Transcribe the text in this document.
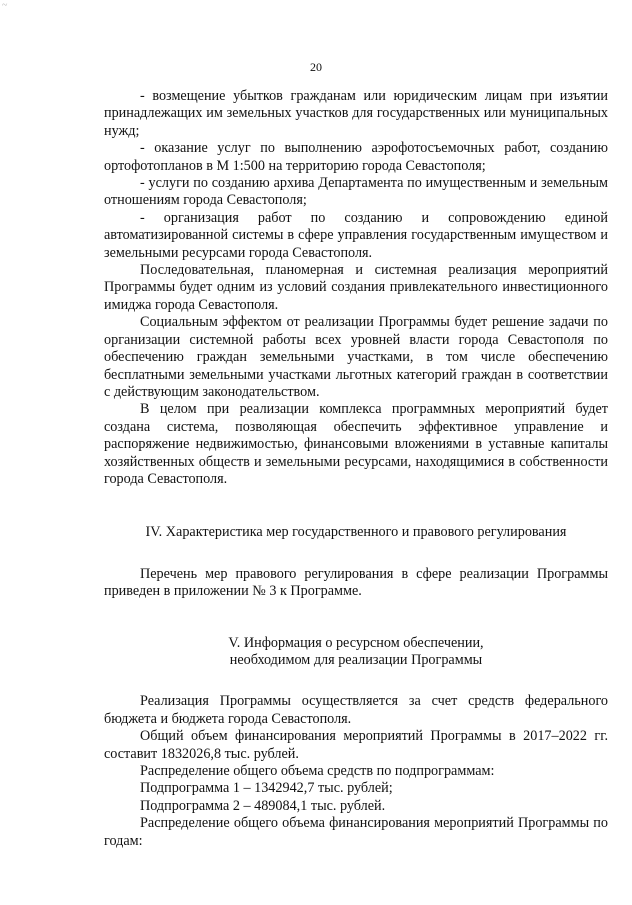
~
20

- возмещение убытков гражданам или юридическим лицам при изъятии принадлежащих им земельных участков для государственных или муниципальных нужд;

- оказание услуг по выполнению аэрофотосъемочных работ, созданию ортофотопланов в М 1:500 на территорию города Севастополя;

- услуги по созданию архива Департамента по имущественным и земельным отношениям города Севастополя;

- организация работ по созданию и сопровождению единой автоматизированной системы в сфере управления государственным имуществом и земельными ресурсами города Севастополя.

Последовательная, планомерная и системная реализация мероприятий Программы будет одним из условий создания привлекательного инвестиционного имиджа города Севастополя.

Социальным эффектом от реализации Программы будет решение задачи по организации системной работы всех уровней власти города Севастополя по обеспечению граждан земельными участками, в том числе обеспечению бесплатными земельными участками льготных категорий граждан в соответствии с действующим законодательством.

В целом при реализации комплекса программных мероприятий будет создана система, позволяющая обеспечить эффективное управление и распоряжение недвижимостью, финансовыми вложениями в уставные капиталы хозяйственных обществ и земельными ресурсами, находящимися в собственности города Севастополя.

IV. Характеристика мер государственного и правового регулирования

Перечень мер правового регулирования в сфере реализации Программы приведен в приложении № 3 к Программе.

V. Информация о ресурсном обеспечении,

необходимом для реализации Программы

Реализация Программы осуществляется за счет средств федерального бюджета и бюджета города Севастополя.

Общий объем финансирования мероприятий Программы в 2017–2022 гг. составит 1832026,8 тыс. рублей.

Распределение общего объема средств по подпрограммам:

Подпрограмма 1 – 1342942,7 тыс. рублей;

Подпрограмма 2 – 489084,1 тыс. рублей.

Распределение общего объема финансирования мероприятий Программы по годам:
